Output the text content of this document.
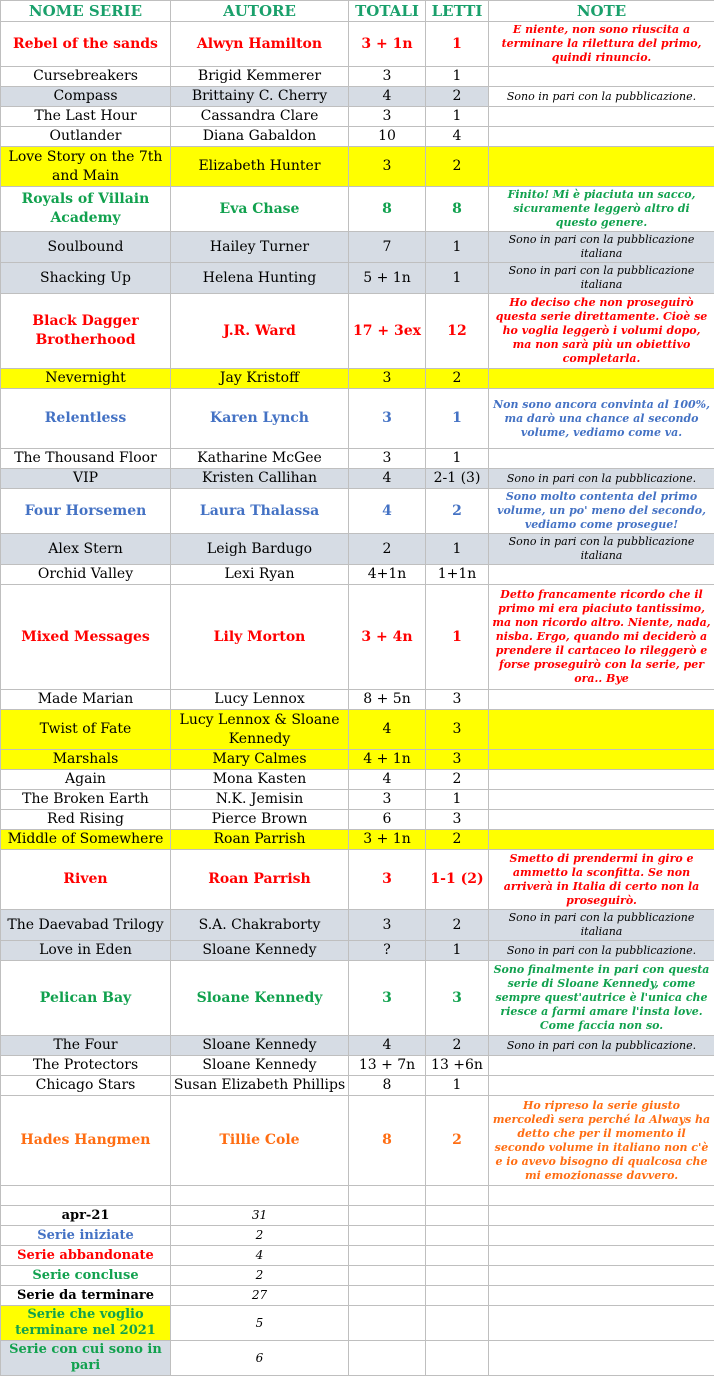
NOME SERIE	AUTORE	TOTALI	LETTI	NOTE
Rebel of the sands	Alwyn Hamilton	3 + 1n	1	E niente, non sono riuscita a terminare la rilettura del primo, quindi rinuncio.
Cursebreakers	Brigid Kemmerer	3	1	
Compass	Brittainy C. Cherry	4	2	Sono in pari con la pubblicazione.
The Last Hour	Cassandra Clare	3	1	
Outlander	Diana Gabaldon	10	4	
Love Story on the 7th and Main	Elizabeth Hunter	3	2	
Royals of Villain Academy	Eva Chase	8	8	Finito! Mi è piaciuta un sacco, sicuramente leggerò altro di questo genere.
Soulbound	Hailey Turner	7	1	Sono in pari con la pubblicazione italiana
Shacking Up	Helena Hunting	5 + 1n	1	Sono in pari con la pubblicazione italiana
Black Dagger Brotherhood	J.R. Ward	17 + 3ex	12	Ho deciso che non proseguirò questa serie direttamente. Cioè se ho voglia leggerò i volumi dopo, ma non sarà più un obiettivo completarla.
Nevernight	Jay Kristoff	3	2	
Relentless	Karen Lynch	3	1	Non sono ancora convinta al 100%, ma darò una chance al secondo volume, vediamo come va.
The Thousand Floor	Katharine McGee	3	1	
VIP	Kristen Callihan	4	2-1 (3)	Sono in pari con la pubblicazione.
Four Horsemen	Laura Thalassa	4	2	Sono molto contenta del primo volume, un po' meno del secondo, vediamo come prosegue!
Alex Stern	Leigh Bardugo	2	1	Sono in pari con la pubblicazione italiana
Orchid Valley	Lexi Ryan	4+1n	1+1n	
Mixed Messages	Lily Morton	3 + 4n	1	Detto francamente ricordo che il primo mi era piaciuto tantissimo, ma non ricordo altro. Niente, nada, nisba. Ergo, quando mi deciderò a prendere il cartaceo lo rileggerò e forse proseguirò con la serie, per ora.. Bye
Made Marian	Lucy Lennox	8 + 5n	3	
Twist of Fate	Lucy Lennox & Sloane Kennedy	4	3	
Marshals	Mary Calmes	4 + 1n	3	
Again	Mona Kasten	4	2	
The Broken Earth	N.K. Jemisin	3	1	
Red Rising	Pierce Brown	6	3	
Middle of Somewhere	Roan Parrish	3 + 1n	2	
Riven	Roan Parrish	3	1-1 (2)	Smetto di prendermi in giro e ammetto la sconfitta. Se non arriverà in Italia di certo non la proseguirò.
The Daevabad Trilogy	S.A. Chakraborty	3	2	Sono in pari con la pubblicazione italiana
Love in Eden	Sloane Kennedy	?	1	Sono in pari con la pubblicazione.
Pelican Bay	Sloane Kennedy	3	3	Sono finalmente in pari con questa serie di Sloane Kennedy, come sempre quest'autrice è l'unica che riesce a farmi amare l'insta love. Come faccia non so.
The Four	Sloane Kennedy	4	2	Sono in pari con la pubblicazione.
The Protectors	Sloane Kennedy	13 + 7n	13 +6n	
Chicago Stars	Susan Elizabeth Phillips	8	1	
Hades Hangmen	Tillie Cole	8	2	Ho ripreso la serie giusto mercoledì sera perché la Always ha detto che per il momento il secondo volume in italiano non c'è e io avevo bisogno di qualcosa che mi emozionasse davvero.

apr-21	31			
Serie iniziate	2			
Serie abbandonate	4			
Serie concluse	2			
Serie da terminare	27			
Serie che voglio terminare nel 2021	5			
Serie con cui sono in pari	6			
